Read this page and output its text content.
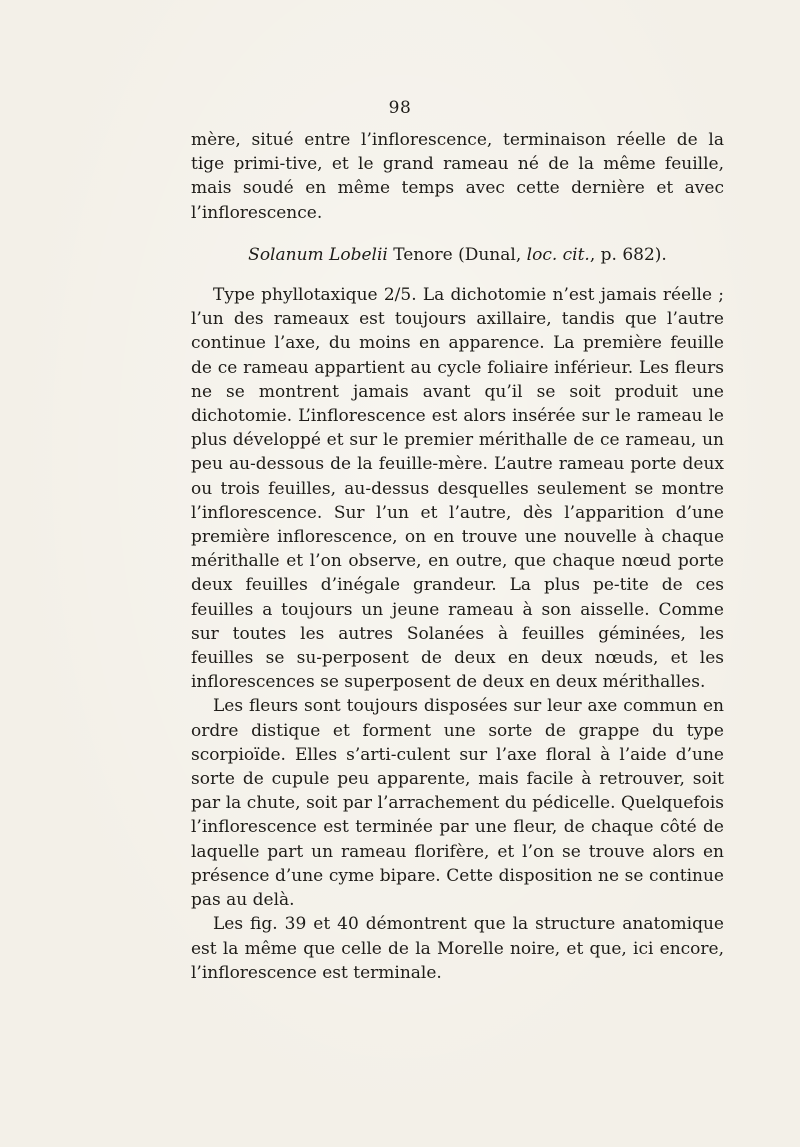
98

mère, situé entre l’inflorescence, terminaison réelle de la tige primi-tive, et le grand rameau né de la même feuille, mais soudé en même temps avec cette dernière et avec l’inflorescence.

Solanum Lobelii Tenore (Dunal, loc. cit., p. 682).

Type phyllotaxique 2/5. La dichotomie n’est jamais réelle ; l’un des rameaux est toujours axillaire, tandis que l’autre continue l’axe, du moins en apparence. La première feuille de ce rameau appartient au cycle foliaire inférieur. Les fleurs ne se montrent jamais avant qu’il se soit produit une dichotomie. L’inflorescence est alors insérée sur le rameau le plus développé et sur le premier mérithalle de ce rameau, un peu au-dessous de la feuille-mère. L’autre rameau porte deux ou trois feuilles, au-dessus desquelles seulement se montre l’inflorescence. Sur l’un et l’autre, dès l’apparition d’une première inflorescence, on en trouve une nouvelle à chaque mérithalle et l’on observe, en outre, que chaque nœud porte deux feuilles d’inégale grandeur. La plus pe-tite de ces feuilles a toujours un jeune rameau à son aisselle. Comme sur toutes les autres Solanées à feuilles géminées, les feuilles se su-perposent de deux en deux nœuds, et les inflorescences se superposent de deux en deux mérithalles.

Les fleurs sont toujours disposées sur leur axe commun en ordre distique et forment une sorte de grappe du type scorpioïde. Elles s’arti-culent sur l’axe floral à l’aide d’une sorte de cupule peu apparente, mais facile à retrouver, soit par la chute, soit par l’arrachement du pédicelle. Quelquefois l’inflorescence est terminée par une fleur, de chaque côté de laquelle part un rameau florifère, et l’on se trouve alors en présence d’une cyme bipare. Cette disposition ne se continue pas au delà.

Les fig. 39 et 40 démontrent que la structure anatomique est la même que celle de la Morelle noire, et que, ici encore, l’inflorescence est terminale.
